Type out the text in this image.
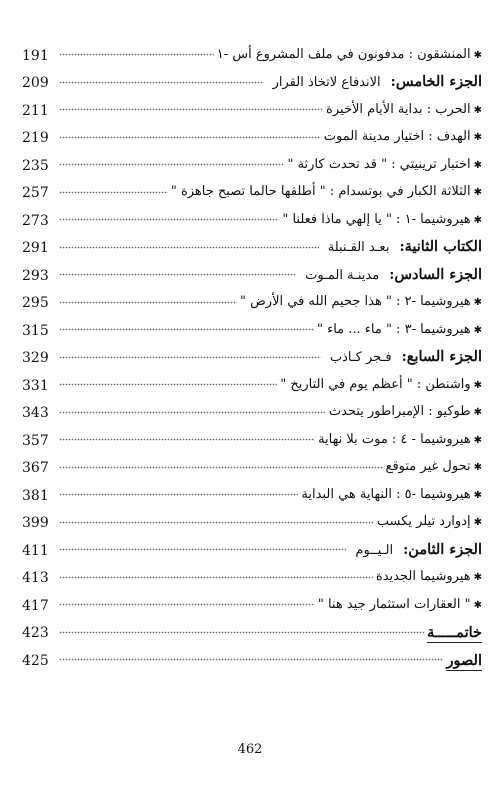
191	✱المنشقون : مدفونون في ملف المشروع أس -١
209	الجزء الخامس:الاندفاع لاتخاذ القرار
211	✱الحرب : بداية الأيام الأخيرة
219	✱الهدف : اختيار مدينة الموت
235	✱اختبار ترينيتي : " قد تحدث كارثة "
257	✱الثلاثة الكبار في بوتسدام : " أطلقها حالما تصبح جاهزة "
273	✱هيروشيما -١ : " يا إلهي ماذا فعلنا "
291	الكتاب الثانية:بعـد القـنبلة
293	الجزء السادس:مدينـة المـوت
295	✱هيروشيما -٢ : " هذا جحيم الله في الأرض "
315	✱هيروشيما -٣ : " ماء ... ماء "
329	الجزء السابع:فـجر كـاذب
331	✱واشنطن : " أعظم يوم في التاريخ "
343	✱طوكيو : الإمبراطور يتحدث
357	✱هيروشيما - ٤ : موت بلا نهاية
367	✱تحول غير متوقع
381	✱هيروشيما -٥ : النهاية هي البداية
399	✱إدوارد تيلر يكسب
411	الجزء الثامن:الـيــوم
413	✱هيروشيما الجديدة
417	✱" العقارات استثمار جيد هنا "
423	خاتمـــــة
425	الصور
462
